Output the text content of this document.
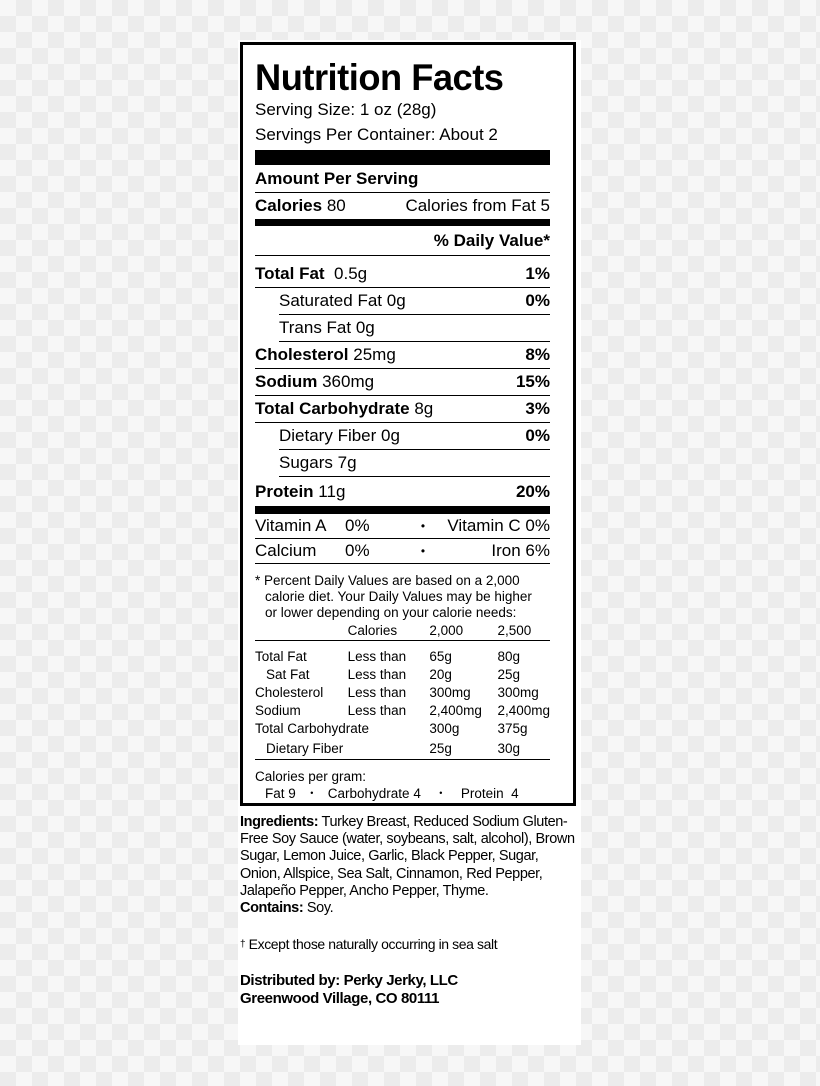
Nutrition Facts
Serving Size: 1 oz (28g)
Servings Per Container: About 2
Amount Per Serving
Calories 80	Calories from Fat 5
% Daily Value*
Total Fat 0.5g	1%
Saturated Fat 0g	0%
Trans Fat 0g
Cholesterol 25mg	8%
Sodium 360mg	15%
Total Carbohydrate 8g	3%
Dietary Fiber 0g	0%
Sugars 7g
Protein 11g	20%
Vitamin A	0%	•	Vitamin C 0%
Calcium	0%	•	Iron 6%
* Percent Daily Values are based on a 2,000
calorie diet. Your Daily Values may be higher
or lower depending on your calorie needs:
	Calories	2,000	2,500

Total Fat	Less than	65g	80g
Sat Fat	Less than	20g	25g
Cholesterol	Less than	300mg	300mg
Sodium	Less than	2,400mg	2,400mg
Total Carbohydrate		300g	375g
Dietary Fiber		25g	30g
Calories per gram:
Fat 9	•	Carbohydrate 4	•	Protein  4

Ingredients: Turkey Breast, Reduced Sodium Gluten-Free Soy Sauce (water, soybeans, salt, alcohol), Brown Sugar, Lemon Juice, Garlic, Black Pepper, Sugar, Onion, Allspice, Sea Salt, Cinnamon, Red Pepper, Jalapeño Pepper, Ancho Pepper, Thyme.

Contains: Soy.

† Except those naturally occurring in sea salt

Distributed by: Perky Jerky, LLC
Greenwood Village, CO 80111
